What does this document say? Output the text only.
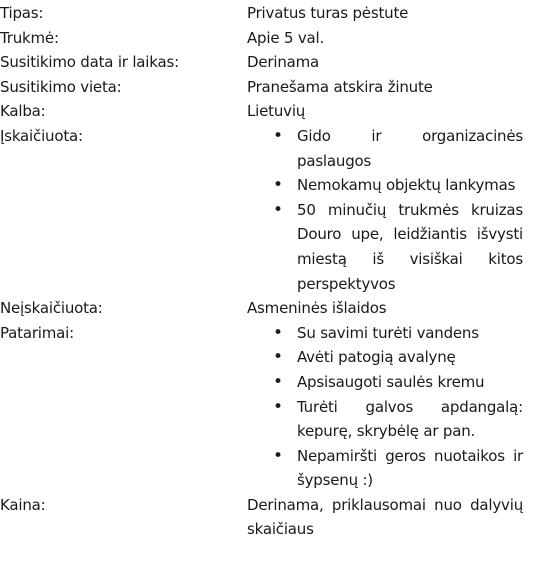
Tipas:	Privatus turas pėstute
Trukmė:	Apie 5 val.
Susitikimo data ir laikas:	Derinama
Susitikimo vieta:	Pranešama atskira žinute
Kalba:	Lietuvių
Įskaičiuota:	• Gido ir organizacinės paslaugos
• Nemokamų objektų lankymas
• 50 minučių trukmės kruizas Douro upe, leidžiantis išvysti miestą iš visiškai kitos perspektyvos
Neįskaičiuota:	Asmeninės išlaidos
Patarimai:	• Su savimi turėti vandens
• Avėti patogią avalynę
• Apsisaugoti saulės kremu
• Turėti galvos apdangalą: kepurę, skrybėlę ar pan.
• Nepamiršti geros nuotaikos ir šypsenų :)
Kaina:	Derinama, priklausomai nuo dalyvių skaičiaus
